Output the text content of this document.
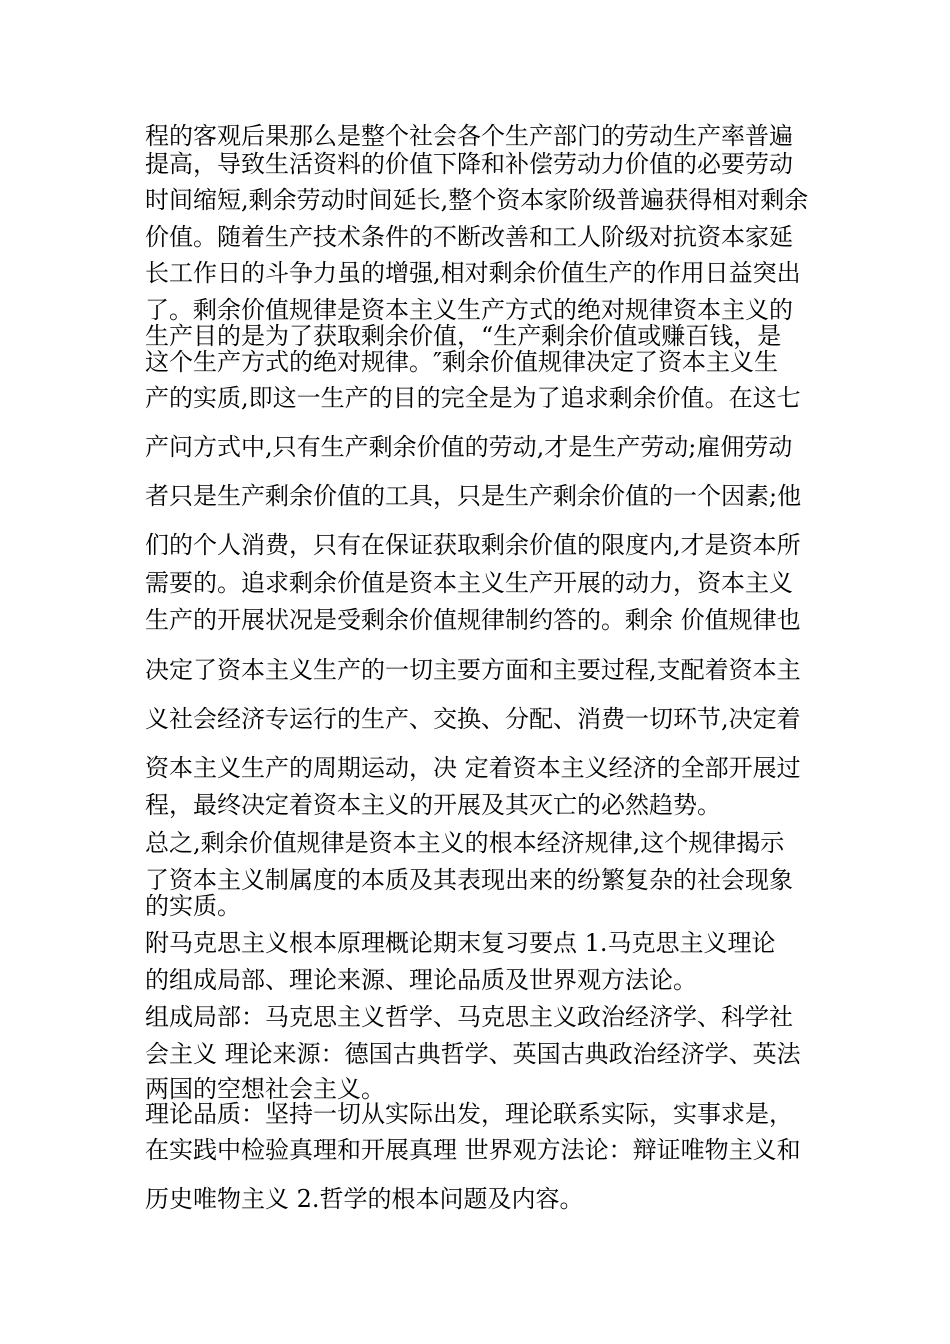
程的客观后果那么是整个社会各个生产部门的劳动生产率普遍
提高，导致生活资料的价值下降和补偿劳动力价值的必要劳动
时间缩短,剩余劳动时间延长,整个资本家阶级普遍获得相对剩余
价值。随着生产技术条件的不断改善和工人阶级对抗资本家延
长工作日的斗争力虽的增强,相对剩余价值生产的作用日益突出
了。剩余价值规律是资本主义生产方式的绝对规律资本主义的
生产目的是为了获取剩余价值，“生产剩余价值或赚百钱，是
这个生产方式的绝对规律。″剩余价值规律决定了资本主义生
产的实质,即这一生产的目的完全是为了追求剩余价值。在这七
产问方式中,只有生产剩余价值的劳动,才是生产劳动;雇佣劳动
者只是生产剩余价值的工具，只是生产剩余价值的一个因素;他
们的个人消费，只有在保证获取剩余价值的限度内,才是资本所
需要的。追求剩余价值是资本主义生产开展的动力，资本主义
生产的开展状况是受剩余价值规律制约答的。剩余 价值规律也
决定了资本主义生产的一切主要方面和主要过程,支配着资本主
义社会经济专运行的生产、交换、分配、消费一切环节,决定着
资本主义生产的周期运动，决 定着资本主义经济的全部开展过
程，最终决定着资本主义的开展及其灭亡的必然趋势。
总之,剩余价值规律是资本主义的根本经济规律,这个规律揭示
了资本主义制属度的本质及其表现出来的纷繁复杂的社会现象
的实质。
附马克思主义根本原理概论期末复习要点 1.马克思主义理论
的组成局部、理论来源、理论品质及世界观方法论。
组成局部：马克思主义哲学、马克思主义政治经济学、科学社
会主义 理论来源：德国古典哲学、英国古典政治经济学、英法
两国的空想社会主义。
理论品质：坚持一切从实际出发，理论联系实际，实事求是，
在实践中检验真理和开展真理 世界观方法论：辩证唯物主义和
历史唯物主义 2.哲学的根本问题及内容。
